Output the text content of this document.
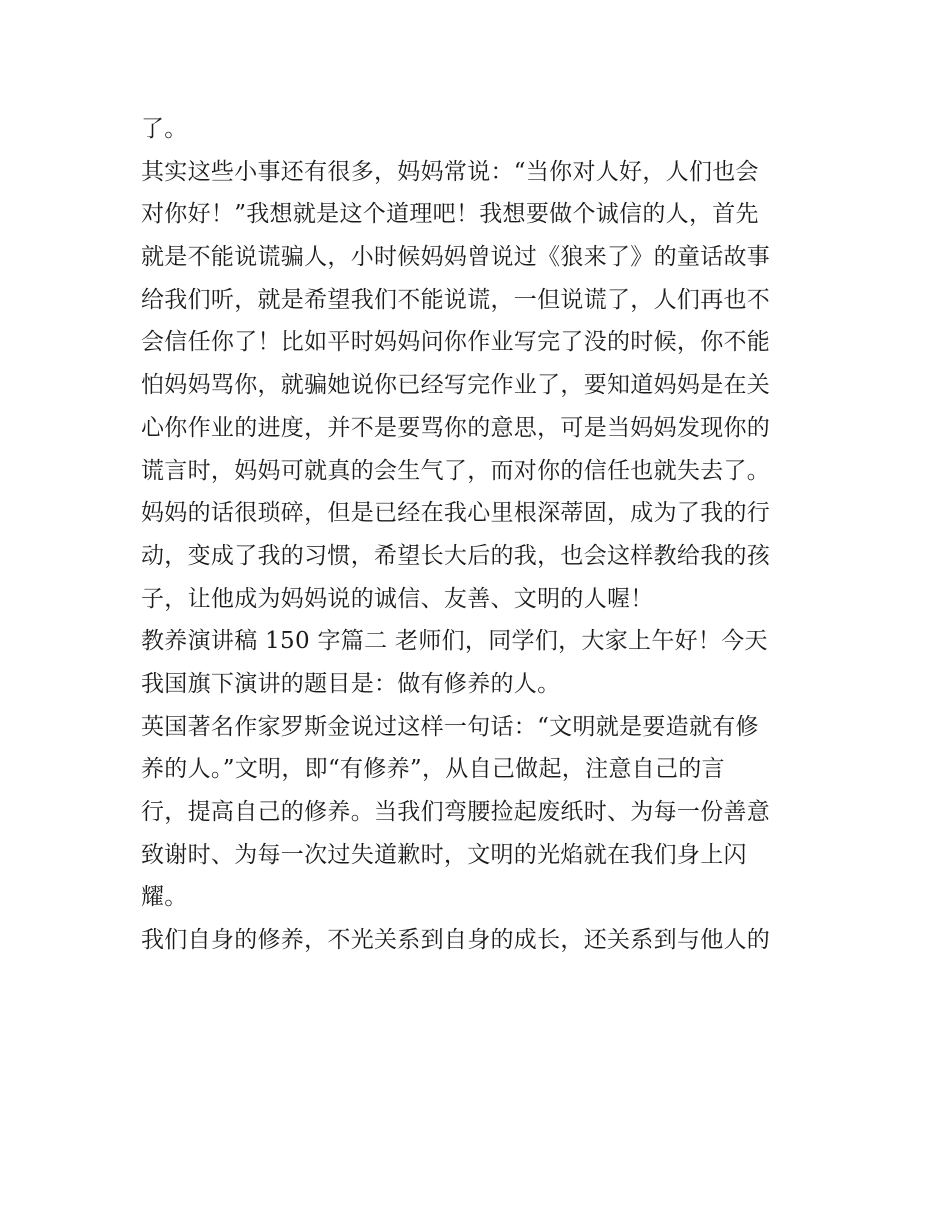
了。
其实这些小事还有很多，妈妈常说：“当你对人好，人们也会
对你好！”我想就是这个道理吧！我想要做个诚信的人，首先
就是不能说谎骗人，小时候妈妈曾说过《狼来了》的童话故事
给我们听，就是希望我们不能说谎，一但说谎了，人们再也不
会信任你了！比如平时妈妈问你作业写完了没的时候，你不能
怕妈妈骂你，就骗她说你已经写完作业了，要知道妈妈是在关
心你作业的进度，并不是要骂你的意思，可是当妈妈发现你的
谎言时，妈妈可就真的会生气了，而对你的信任也就失去了。
妈妈的话很琐碎，但是已经在我心里根深蒂固，成为了我的行
动，变成了我的习惯，希望长大后的我，也会这样教给我的孩
子，让他成为妈妈说的诚信、友善、文明的人喔！
教养演讲稿 150 字篇二 老师们，同学们，大家上午好！今天
我国旗下演讲的题目是：做有修养的人。
英国著名作家罗斯金说过这样一句话：“文明就是要造就有修
养的人。”文明，即“有修养”，从自己做起，注意自己的言
行，提高自己的修养。当我们弯腰捡起废纸时、为每一份善意
致谢时、为每一次过失道歉时，文明的光焰就在我们身上闪
耀。
我们自身的修养，不光关系到自身的成长，还关系到与他人的
